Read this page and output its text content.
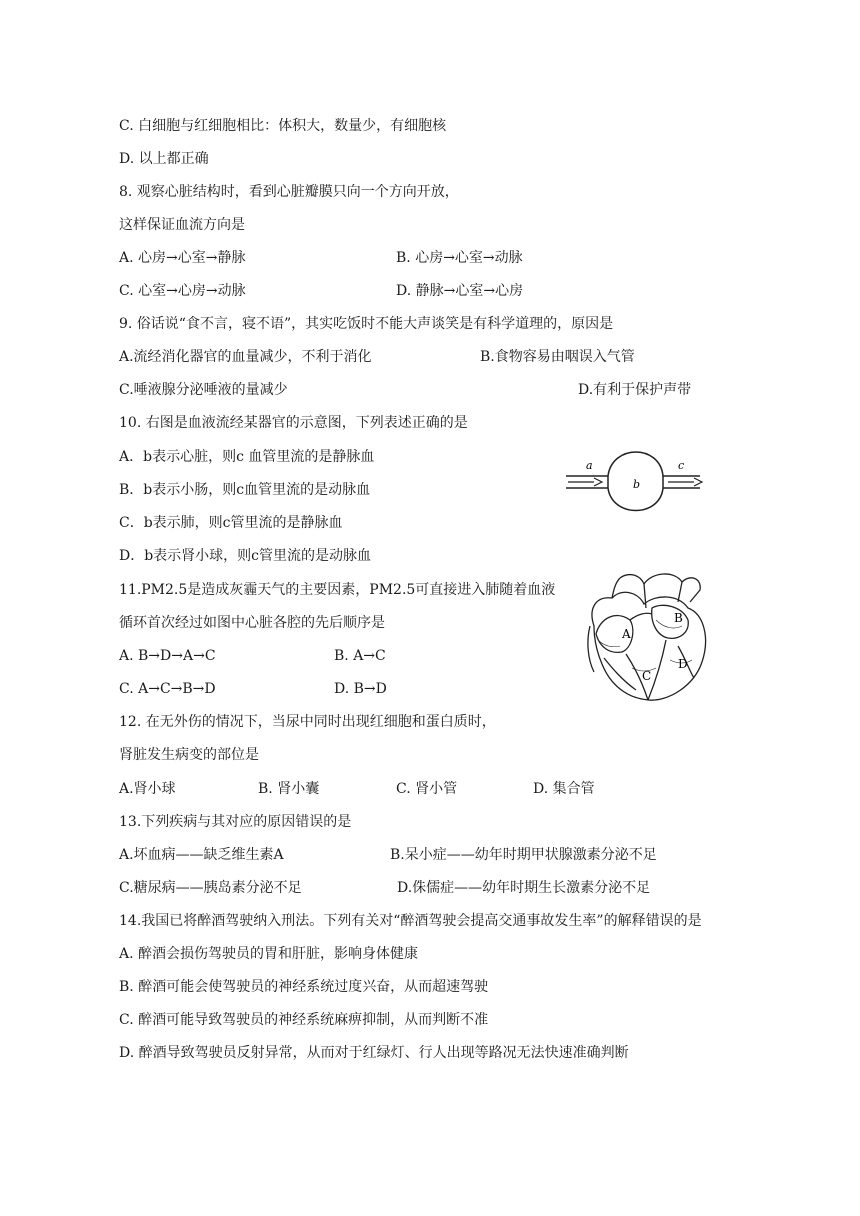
C. 白细胞与红细胞相比：体积大，数量少，有细胞核
D. 以上都正确
8. 观察心脏结构时，看到心脏瓣膜只向一个方向开放，
这样保证血流方向是
A. 心房→心室→静脉	B. 心房→心室→动脉
C. 心室→心房→动脉	D. 静脉→心室→心房
9. 俗话说“食不言，寝不语”，其实吃饭时不能大声谈笑是有科学道理的，原因是
A.流经消化器官的血量减少，不利于消化	B.食物容易由咽误入气管
C.唾液腺分泌唾液的量减少	D.有利于保护声带
10. 右图是血液流经某器官的示意图，下列表述正确的是
A．b表示心脏，则c 血管里流的是静脉血
B．b表示小肠，则c血管里流的是动脉血
C．b表示肺，则c管里流的是静脉血
D．b表示肾小球，则c管里流的是动脉血
a
b
c
11.PM2.5是造成灰霾天气的主要因素，PM2.5可直接进入肺随着血液
循环首次经过如图中心脏各腔的先后顺序是
A. B→D→A→C	B. A→C
C. A→C→B→D	D. B→D
A
B
C
D
12. 在无外伤的情况下，当尿中同时出现红细胞和蛋白质时，
肾脏发生病变的部位是
A.肾小球	B. 肾小囊	C. 肾小管	D. 集合管
13.下列疾病与其对应的原因错误的是
A.坏血病——缺乏维生素A	B.呆小症——幼年时期甲状腺激素分泌不足
C.糖尿病——胰岛素分泌不足	D.侏儒症——幼年时期生长激素分泌不足
14.我国已将醉酒驾驶纳入刑法。下列有关对“醉酒驾驶会提高交通事故发生率”的解释错误的是
A. 醉酒会损伤驾驶员的胃和肝脏，影响身体健康
B. 醉酒可能会使驾驶员的神经系统过度兴奋，从而超速驾驶
C. 醉酒可能导致驾驶员的神经系统麻痹抑制，从而判断不准
D. 醉酒导致驾驶员反射异常，从而对于红绿灯、行人出现等路况无法快速准确判断
